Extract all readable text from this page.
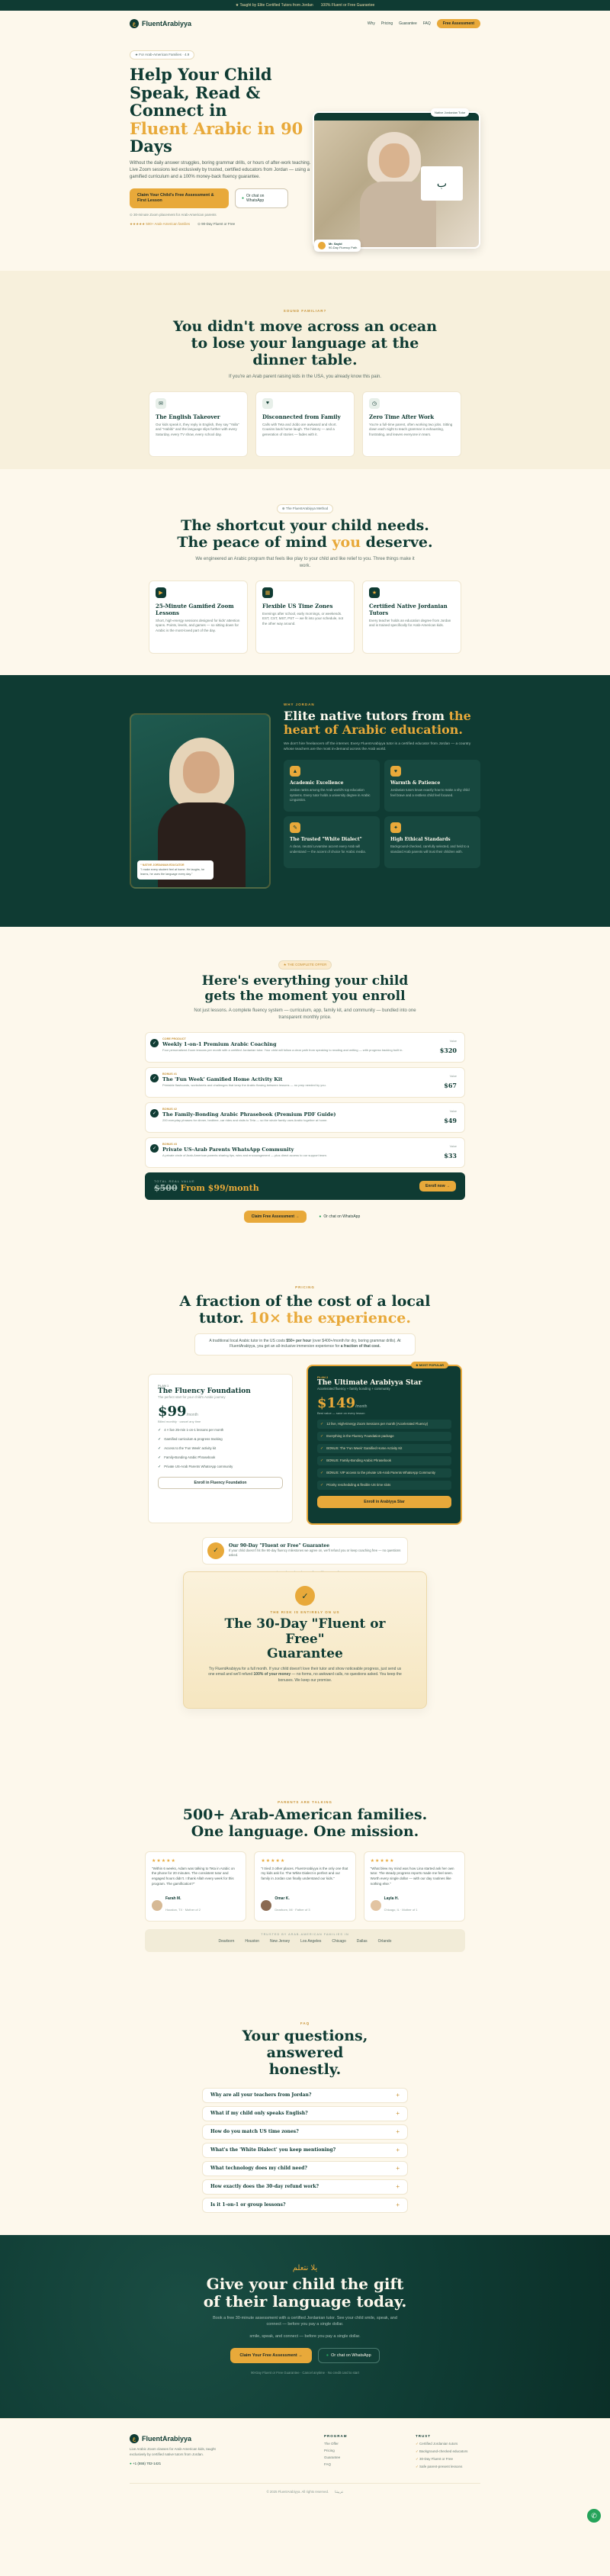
★ Taught by Elite Certified Tutors from Jordan 100% Fluent or Free Guarantee
ع FluentArabiyya	Why Pricing Guarantee FAQ	Free Assessment
★ For Arab-American Families · 4.9
Help Your Child
Speak, Read &
Connect in
Fluent Arabic in 90
Days

Without the daily answer struggles, boring grammar drills, or hours of after-work teaching. Live Zoom sessions led exclusively by trusted, certified educators from Jordan — using a gamified curriculum and a 100% money-back fluency guarantee.

Claim Your Child's Free Assessment & First Lesson	● Or chat on WhatsApp
⊙ 30-minute Zoom placement for Arab-American parents
★★★★★ 500+ Arab-American families ⊙ 90-Day Fluent or Free
ب
Native Jordanian Tutor
Mr. Sayid
90-Day Fluency Path
SOUND FAMILIAR?
You didn't move across an ocean
to lose your language at the
dinner table.
If you're an Arab parent raising kids in the USA, you already know this pain.
✉
The English Takeover

Our kids speak it, they reply in English, they say "Yalla" and "Habibi" and the language slips further with every Saturday, every TV show, every school day.

♥
Disconnected from Family

Calls with Teta and Jiddo are awkward and short. Cousins back home laugh. The history — and a generation of stories — fades with it.

◷
Zero Time After Work

You're a full-time parent, often working two jobs. Sitting down each night to teach grammar is exhausting, frustrating, and leaves everyone in tears.

⊕ The FluentArabiyya Method
The shortcut your child needs.
The peace of mind you deserve.
We engineered an Arabic program that feels like play to your child and like relief to you. Three things make it work.
▶
25-Minute Gamified Zoom Lessons

Short, high-energy sessions designed for kids' attention spans. Points, levels, and games — so sitting down for Arabic is the most-loved part of the day.

▦
Flexible US Time Zones

Evenings after school, early mornings, or weekends. EST, CST, MST, PST — we fit into your schedule, not the other way around.

★
Certified Native Jordanian Tutors

Every teacher holds an education degree from Jordan and is trained specifically for Arab-American kids.

“ NATIVE JORDANIAN EDUCATOR
"I make every student feel at home. He laughs, he learns, he uses the language every day."
WHY JORDAN
Elite native tutors from the
heart of Arabic education.

We don't hire freelancers off the internet. Every FluentArabiyya tutor is a certified educator from Jordan — a country whose teachers are the most in-demand across the Arab world.

▲
Academic Excellence

Jordan ranks among the Arab world's top education systems. Every tutor holds a university degree in Arabic Linguistics.

♥
Warmth & Patience

Jordanian tutors know exactly how to make a shy child feel brave and a restless child feel focused.

✎
The Trusted "White Dialect"

A clean, neutral Levantine accent every Arab will understand — the accent of choice for Arabic media.

✦
High Ethical Standards

Background-checked, carefully selected, and held to a standard Arab parents will trust their children with.

★ THE COMPLETE OFFER
Here's everything your child
gets the moment you enroll
Not just lessons. A complete fluency system — curriculum, app, family kit, and community — bundled into one transparent monthly price.
✓
CORE PRODUCT
Weekly 1-on-1 Premium Arabic Coaching

Four personalized Zoom lessons per month with a certified Jordanian tutor. Your child will follow a clear path from speaking to reading and writing — with progress tracking built in.

Value
$320
✓
BONUS #1
The 'Fun Week' Gamified Home Activity Kit

Printable flashcards, worksheets and challenges that keep the Arabic flowing between lessons — no prep needed by you.

Value
$67
✓
BONUS #2
The Family-Bonding Arabic Phrasebook (Premium PDF Guide)

200 everyday phrases for dinner, bedtime, car rides and visits to Teta — so the whole family uses Arabic together at home.

Value
$49
✓
BONUS #3
Private US-Arab Parents WhatsApp Community

A private circle of Arab-American parents sharing tips, wins and encouragement — plus direct access to our support team.

Value
$33
TOTAL REAL VALUE
$500 From $99/month	Enroll now →
Claim Free Assessment →	● Or chat on WhatsApp
PRICING
A fraction of the cost of a local
tutor. 10× the experience.
A traditional local Arabic tutor in the US costs $50+ per hour (over $400+/month for dry, boring grammar drills). At FluentArabiyya, you get an all-inclusive immersion experience for a fraction of that cost.
PLAN 1
The Fluency Foundation
The perfect start for your child's Arabic journey
$99/month
Billed monthly · cancel any time
✓ 4 × live 25-min 1-on-1 lessons per month
✓ Gamified curriculum & progress tracking
✓ Access to the 'Fun Week' activity kit
✓ Family-Bonding Arabic Phrasebook
✓ Private US-Arab Parents WhatsApp community
Enroll in Fluency Foundation
★ MOST POPULAR
PLAN 2
The Ultimate Arabiyya Star
Accelerated fluency + family bonding + community
$149/month
Best value — save on every lesson
✓ 12 live, High-Energy Zoom Sessions per month (Accelerated Fluency)
✓ Everything in the Fluency Foundation package
✓ BONUS: The 'Fun Week' Gamified Home Activity Kit
✓ BONUS: Family-Bonding Arabic Phrasebook
✓ BONUS: VIP access to the private US-Arab Parents WhatsApp Community
✓ Priority rescheduling & flexible US time slots
Enroll in Arabiyya Star
✓
Our 90-Day "Fluent or Free" Guarantee
If your child doesn't hit the 90-day fluency milestones we agree on, we'll refund you or keep coaching free — no questions asked.
✓
THE RISK IS ENTIRELY ON US
The 30-Day "Fluent or Free"
Guarantee
Try FluentArabiyya for a full month. If your child doesn't love their tutor and show noticeable progress, just send us one email and we'll refund 100% of your money — no forms, no awkward calls, no questions asked. You keep the bonuses. We keep our promise.
PARENTS ARE TALKING
500+ Arab-American families.
One language. One mission.
★★★★★

"Within 6 weeks, Adam was talking to Teta in Arabic on the phone for 20 minutes. The consistent tutor and engaged hours didn't. I thank Allah every week for this program. The gamification?"

Farah M.
Houston, TX · Mother of 2
★★★★★

"I tried 3 other places. FluentArabiyya is the only one that my kids ask for. The White Dialect is perfect and our family in Jordan can finally understand our kids."

Omar K.
Dearborn, MI · Father of 3
★★★★★

"What blew my mind was how Lina started ask her own tutor. The steady progress reports made me feel seen. Worth every single dollar — with our day routines like nothing else."

Layla H.
Chicago, IL · Mother of 1
TRUSTED BY ARAB-AMERICAN FAMILIES IN
Dearborn	Houston	New Jersey	Los Angeles	Chicago	Dallas	Orlando
FAQ
Your questions, answered
honestly.
Why are all your teachers from Jordan?	+
What if my child only speaks English?	+
How do you match US time zones?	+
What's the 'White Dialect' you keep mentioning?	+
What technology does my child need?	+
How exactly does the 30-day refund work?	+
Is it 1-on-1 or group lessons?	+
يلا نتعلم
Give your child the gift
of their language today.
Book a free 30-minute assessment with a certified Jordanian tutor. See your child smile, speak, and connect — before you pay a single dollar.
smile, speak, and connect — before you pay a single dollar.
Claim Your Free Assessment →	● Or chat on WhatsApp
90-Day Fluent or Free Guarantee · Cancel anytime · No credit card to start
ع FluentArabiyya
Live Arabic Zoom classes for Arab-American kids, taught exclusively by certified native tutors from Jordan.
● +1 (555) 702-1421
PROGRAM
The Offer
Pricing
Guarantee
FAQ
TRUST
✓ Certified Jordanian tutors
✓ Background-checked educators
✓ 30-Day Fluent or Free
✓ Safe parent-present lessons
© 2025 FluentArabiyya. All rights reserved. عربيتنا
✆
